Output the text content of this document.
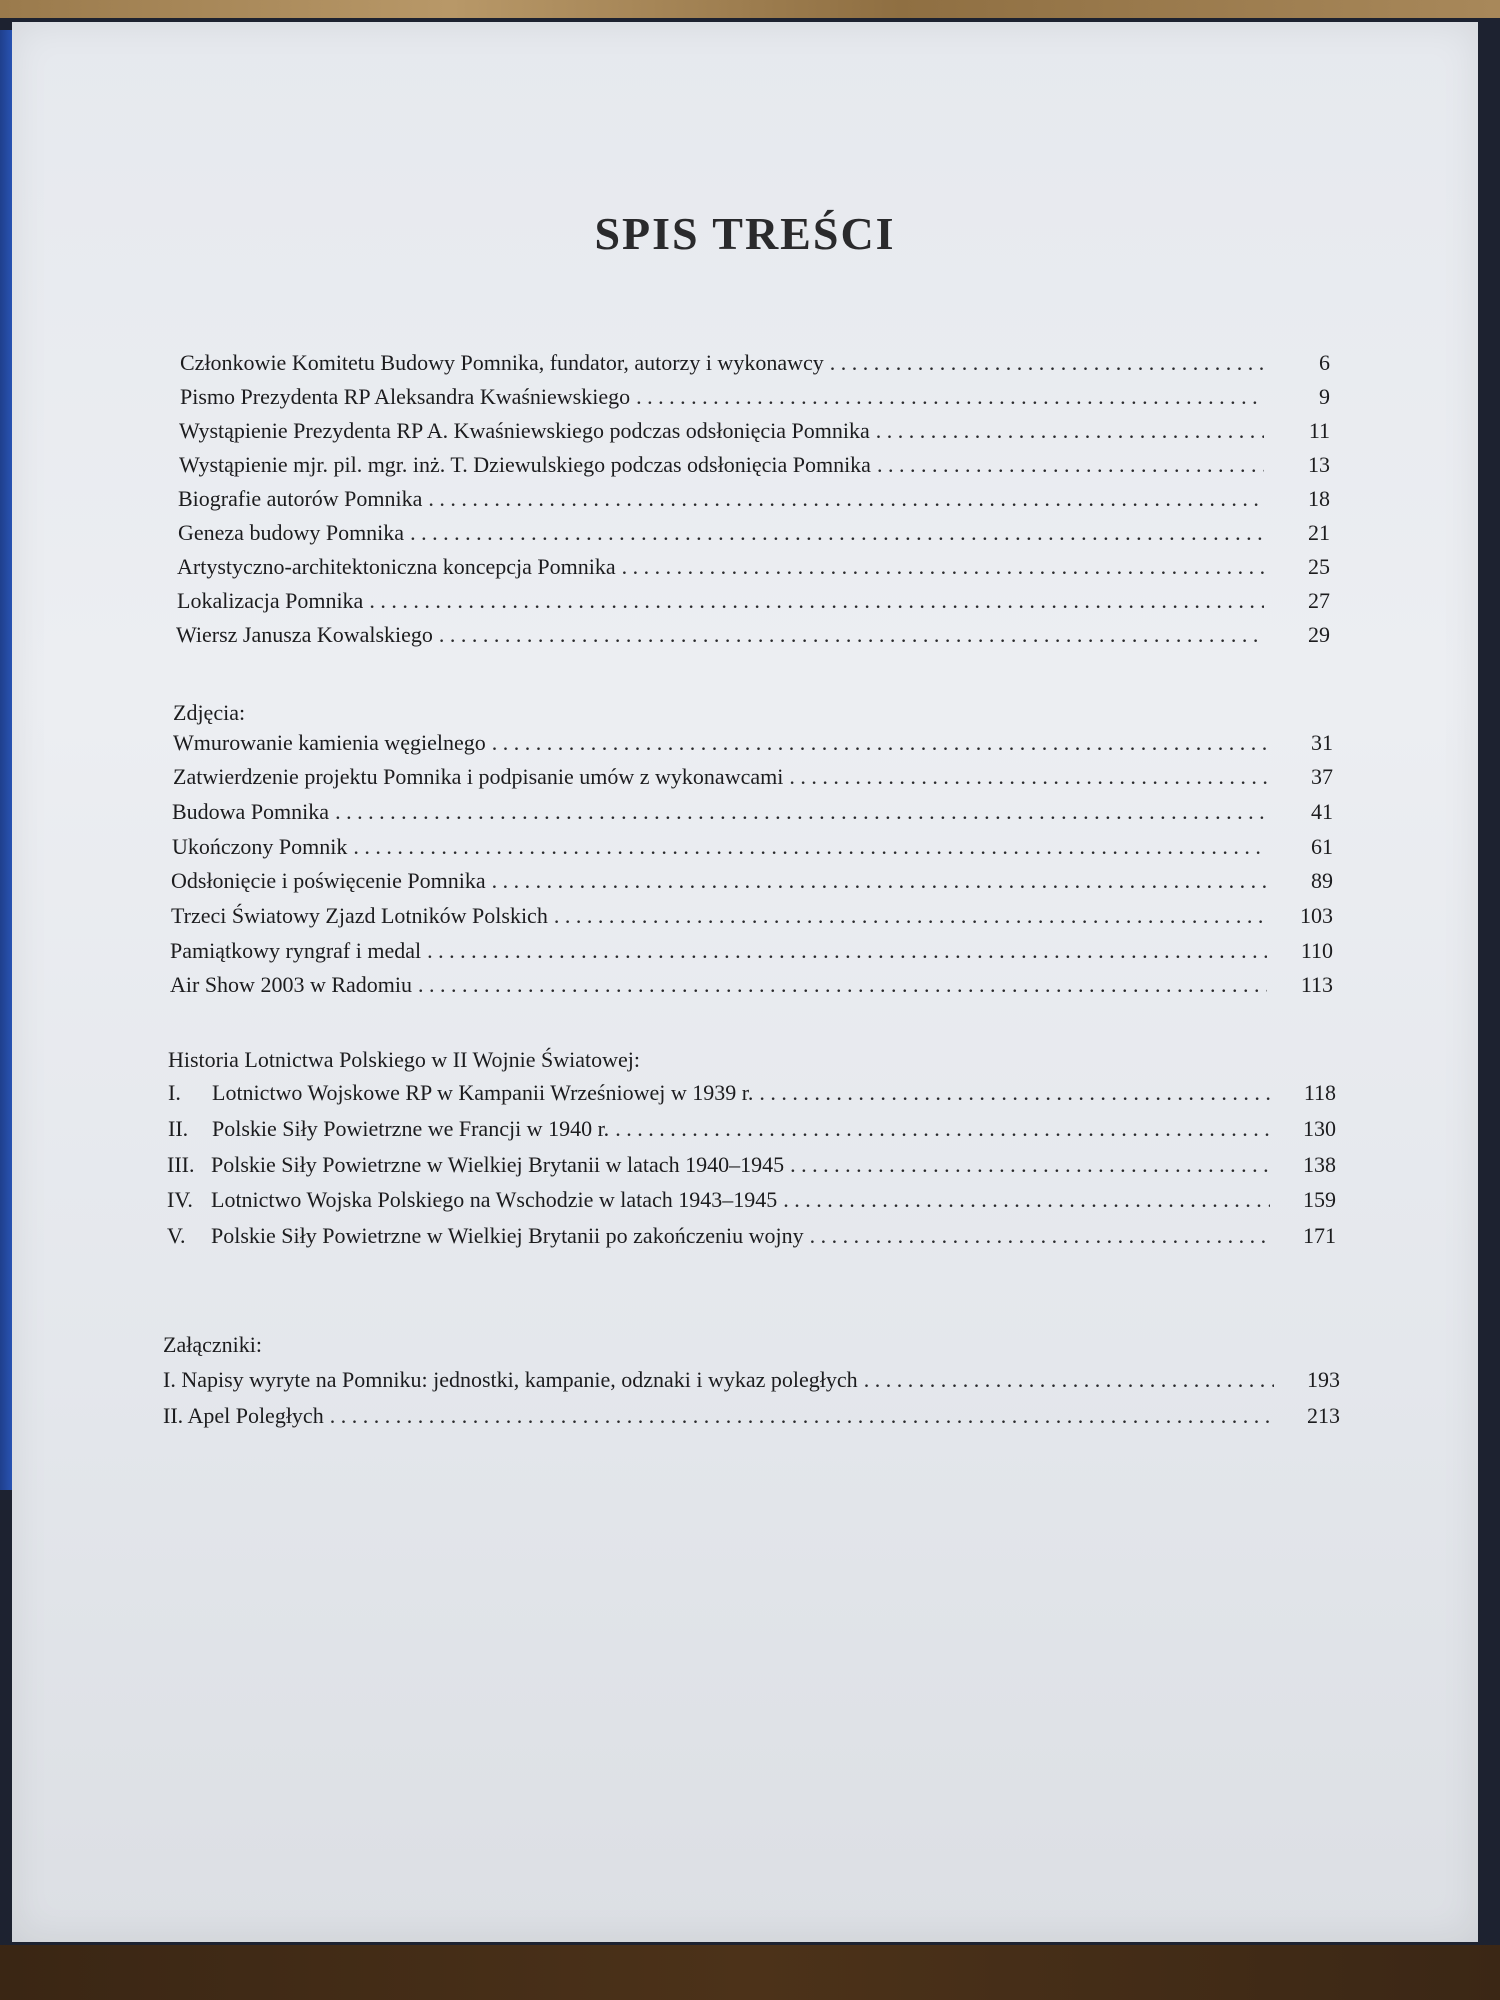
SPIS TREŚCI
Członkowie Komitetu Budowy Pomnika, fundator, autorzy i wykonawcy . . .	6
Pismo Prezydenta RP Aleksandra Kwaśniewskiego . . .	9
Wystąpienie Prezydenta RP A. Kwaśniewskiego podczas odsłonięcia Pomnika . . .	11
Wystąpienie mjr. pil. mgr. inż. T. Dziewulskiego podczas odsłonięcia Pomnika . . .	13
Biografie autorów Pomnika . . .	18
Geneza budowy Pomnika . . .	21
Artystyczno-architektoniczna koncepcja Pomnika . . .	25
Lokalizacja Pomnika . . .	27
Wiersz Janusza Kowalskiego . . .	29
Zdjęcia:
Wmurowanie kamienia węgielnego . . .	31
Zatwierdzenie projektu Pomnika i podpisanie umów z wykonawcami . . .	37
Budowa Pomnika . . .	41
Ukończony Pomnik . . .	61
Odsłonięcie i poświęcenie Pomnika . . .	89
Trzeci Światowy Zjazd Lotników Polskich . . .	103
Pamiątkowy ryngraf i medal . . .	110
Air Show 2003 w Radomiu . . .	113
Historia Lotnictwa Polskiego w II Wojnie Światowej:
I.	Lotnictwo Wojskowe RP w Kampanii Wrześniowej w 1939 r. . . .	118
II.	Polskie Siły Powietrzne we Francji w 1940 r. . . .	130
III. Polskie Siły Powietrzne w Wielkiej Brytanii w latach 1940–1945 . . .	138
IV. Lotnictwo Wojska Polskiego na Wschodzie w latach 1943–1945 . . .	159
V.	Polskie Siły Powietrzne w Wielkiej Brytanii po zakończeniu wojny . . .	171
Załączniki:
I. Napisy wyryte na Pomniku: jednostki, kampanie, odznaki i wykaz poległych . . .	193
II. Apel Poległych . . .	213
